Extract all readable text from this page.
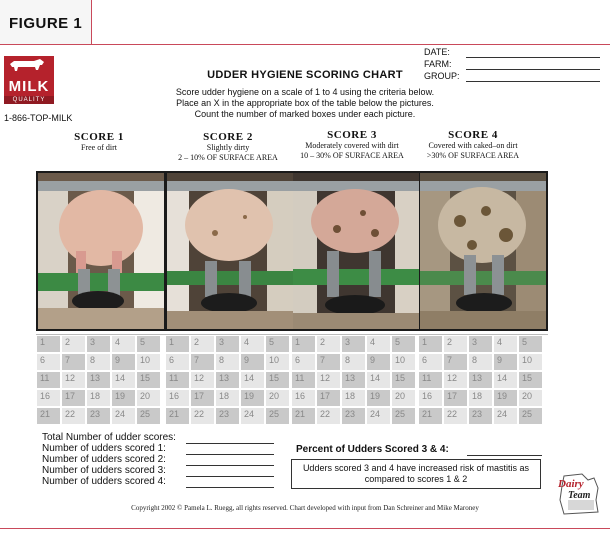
FIGURE 1
MILK
QUALITY
1-866-TOP-MILK
UDDER HYGIENE SCORING CHART
Score udder hygiene on a scale of 1 to 4 using the criteria below.
Place an X in the appropriate box of the table below the pictures.
Count the number of marked boxes under each picture.
DATE:
FARM:
GROUP:
SCORE 1
Free of dirt
SCORE 2
Slightly dirty
2 – 10% OF SURFACE AREA
SCORE 3
Moderately covered with dirt
10 – 30% OF SURFACE AREA
SCORE 4
Covered with caked–on dirt
>30% OF SURFACE AREA
1	2	3	4	5
6	7	8	9	10
11	12	13	14	15
16	17	18	19	20
21	22	23	24	25
1	2	3	4	5
6	7	8	9	10
11	12	13	14	15
16	17	18	19	20
21	22	23	24	25
1	2	3	4	5
6	7	8	9	10
11	12	13	14	15
16	17	18	19	20
21	22	23	24	25
1	2	3	4	5
6	7	8	9	10
11	12	13	14	15
16	17	18	19	20
21	22	23	24	25
Total Number of udder scores:
Number of udders scored 1:
Number of udders scored 2:
Number of udders scored 3:
Number of udders scored 4:
Percent of Udders Scored 3 & 4:
Udders scored 3 and 4 have increased risk of mastitis as compared to scores 1 & 2	Dairy
Team
Copyright 2002 © Pamela L. Ruegg, all rights reserved. Chart developed with input from Dan Schreiner and Mike Maroney
